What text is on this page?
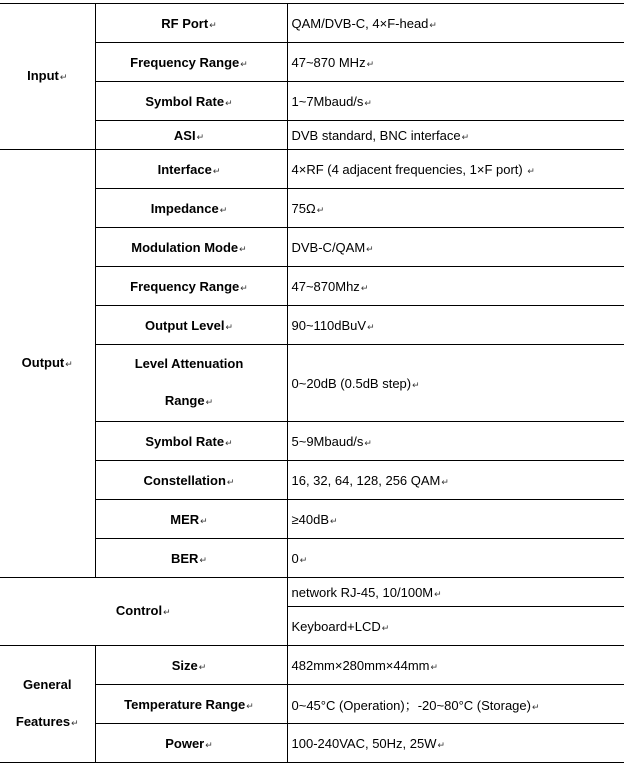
Input↵	RF Port↵	QAM/DVB-C, 4×F-head↵
	Frequency Range↵	47~870 MHz↵
	Symbol Rate↵	1~7Mbaud/s↵
	ASI↵	DVB standard, BNC interface↵
Output↵	Interface↵	4×RF (4 adjacent frequencies, 1×F port) ↵
	Impedance↵	75Ω↵
	Modulation Mode↵	DVB-C/QAM↵
	Frequency Range↵	47~870Mhz↵
	Output Level↵	90~110dBuV↵
	Level Attenuation
Range↵	0~20dB (0.5dB step)↵
	Symbol Rate↵	5~9Mbaud/s↵
	Constellation↵	16, 32, 64, 128, 256 QAM↵
	MER↵	≥40dB↵
	BER↵	0↵
Control↵		network RJ-45, 10/100M↵
		Keyboard+LCD↵
General
Features↵	Size↵	482mm×280mm×44mm↵
	Temperature Range↵	0~45°C (Operation)；-20~80°C (Storage)↵
	Power↵	100-240VAC, 50Hz, 25W↵
